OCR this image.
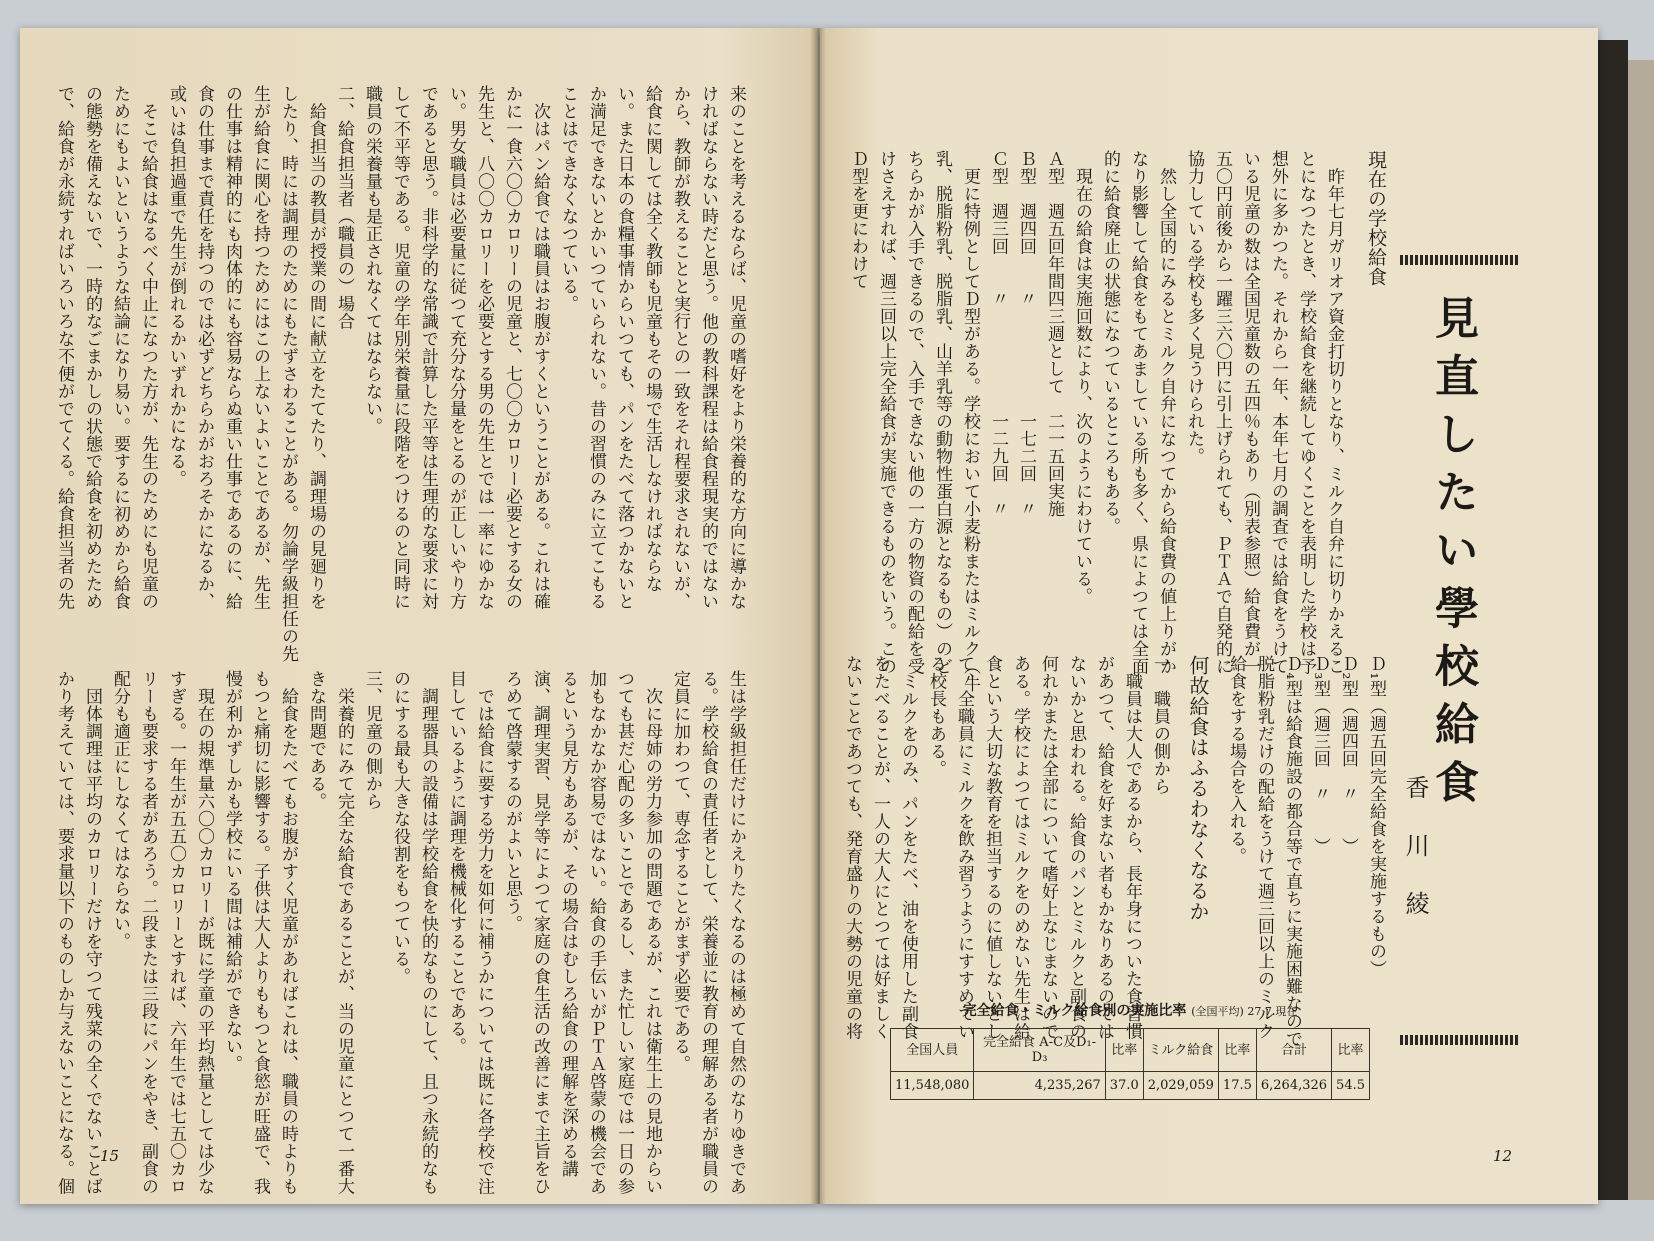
来のことを考えるならば、児童の嗜好をより栄養的な方向に導かな
ければならない時だと思う。他の教科課程は給食程現実的ではない
から、教師が教えることと実行との一致をそれ程要求されないが、
給食に関しては全く教師も児童もその場で生活しなければならな
い。また日本の食糧事情からいつても、パンをたべて落つかないと
か満足できないとかいつていられない。昔の習慣のみに立てこもる
ことはできなくなつている。
　次はパン給食では職員はお腹がすくということがある。これは確
かに一食六〇〇カロリーの児童と、七〇〇カロリー必要とする女の
先生と、八〇〇カロリーを必要とする男の先生とでは一率にゆかな
い。男女職員は必要量に従つて充分な分量をとるのが正しいやり方
であると思う。非科学的な常識で計算した平等は生理的な要求に対
して不平等である。児童の学年別栄養量に段階をつけるのと同時に
職員の栄養量も是正されなくてはならない。
二、給食担当者（職員の）場合
　給食担当の教員が授業の間に献立をたてたり、調理場の見廻りを
したり、時には調理のためにもたずさわることがある。勿論学級担任の先
生が給食に関心を持つためにはこの上ないよいことであるが、先生
の仕事は精神的にも肉体的にも容易ならぬ重い仕事であるのに、給
食の仕事まで責任を持つのでは必ずどちらかがおろそかになるか、
或いは負担過重で先生が倒れるかいずれかになる。
　そこで給食はなるべく中止になつた方が、先生のためにも児童の
ためにもよいというような結論になり易い。要するに初めから給食
の態勢を備えないで、一時的なごまかしの状態で給食を初めたため
で、給食が永続すればいろいろな不便がでてくる。給食担当者の先
生は学級担任だけにかえりたくなるのは極めて自然のなりゆきであ
る。学校給食の責任者として、栄養並に教育の理解ある者が職員の
定員に加わつて、専念することがまず必要である。
　次に母姉の労力参加の問題であるが、これは衛生上の見地からい
つても甚だ心配の多いことであるし、また忙しい家庭では一日の参
加もなかなか容易ではない。給食の手伝いがＰＴＡ啓蒙の機会であ
るという見方もあるが、その場合はむしろ給食の理解を深める講
演、調理実習、見学等によつて家庭の食生活の改善にまで主旨をひ
ろめて啓蒙するのがよいと思う。
　では給食に要する労力を如何に補うかについては既に各学校で注
目しているように調理を機械化することである。
　調理器具の設備は学校給食を快的なものにして、且つ永続的なも
のにする最も大きな役割をもつている。
三、児童の側から
　栄養的にみて完全な給食であることが、当の児童にとつて一番大
きな問題である。
　給食をたべてもお腹がすく児童があればこれは、職員の時よりも
もつと痛切に影響する。子供は大人よりももつと食慾が旺盛で、我
慢が利かずしかも学校にいる間は補給ができない。
　現在の規準量六〇〇カロリーが既に学童の平均熱量としては少な
すぎる。一年生が五五〇カロリーとすれば、六年生では七五〇カロ
リーも要求する者があろう。二段または三段にパンをやき、副食の
配分も適正にしなくてはならない。
　団体調理は平均のカロリーだけを守つて残菜の全くでないことば
かり考えていては、要求量以下のものしか与えないことになる。個 15
現在の学校給食
　昨年七月ガリオア資金打切りとなり、ミルク自弁に切りかえるこ
とになつたとき、学校給食を継続してゆくことを表明した学校は予
想外に多かつた。それから一年、本年七月の調査では給食をうけて
いる児童の数は全国児童数の五四％もあり（別表参照）給食費が一
五〇円前後から一躍三六〇円に引上げられても、ＰＴＡで自発的に
協力している学校も多く見うけられた。
　然し全国的にみるとミルク自弁になつてから給食費の値上りがか
なり影響して給食をもてあましている所も多く、県によつては全面
的に給食廃止の状態になつているところもある。
　現在の給食は実施回数により、次のようにわけている。
Ａ型　週五回年間四三週として　二一五回実施
Ｂ型　週四回　　〃　　　　　　一七二回　〃
Ｃ型　週三回　　〃　　　　　　一二九回　〃
　更に特例としてＤ型がある。学校において小麦粉またはミルク（牛
乳、脱脂粉乳、脱脂乳、山羊乳等の動物性蛋白源となるもの）のど
ちらかが入手できるので、入手できない他の一方の物資の配給を受
けさえすれば、週三回以上完全給食が実施できるものをいう。この
Ｄ型を更にわけて
Ｄ₁型（週五回完全給食を実施するもの）
Ｄ₂型（週四回　〃　　）
Ｄ₃型（週三回　〃　　）
Ｄ₄型は給食施設の都合等で直ちに実施困難なので
脱脂粉乳だけの配給をうけて週三回以上のミルク
給食をする場合を入れる。
何故給食はふるわなくなるか
一　職員の側から
　職員は大人であるから、長年身についた食習慣
があつて、給食を好まない者もかなりあるのでは
ないかと思われる。給食のパンとミルクと副食の
何れかまたは全部について嗜好上なじまないので
ある。学校によつてはミルクをのめない先生は給
食という大切な教育を担当するのに値しないとし
て、全職員にミルクを飲み習うようにすすめてい
る校長もある。
　ミルクをのみ、パンをたべ、油を使用した副食
をたべることが、一人の大人にとつては好ましく
ないことであつても、発育盛りの大勢の児童の将
見直したい學校給食
香川綾
完全給食・ミルク給食別の実施比率 (全国平均) 27.7.現在
全国人員	完全給食 A-C及D₁-D₃	比率	ミルク給食	比率	合計	比率
11,548,080	4,235,267	37.0	2,029,059	17.5	6,264,326	54.5
12
